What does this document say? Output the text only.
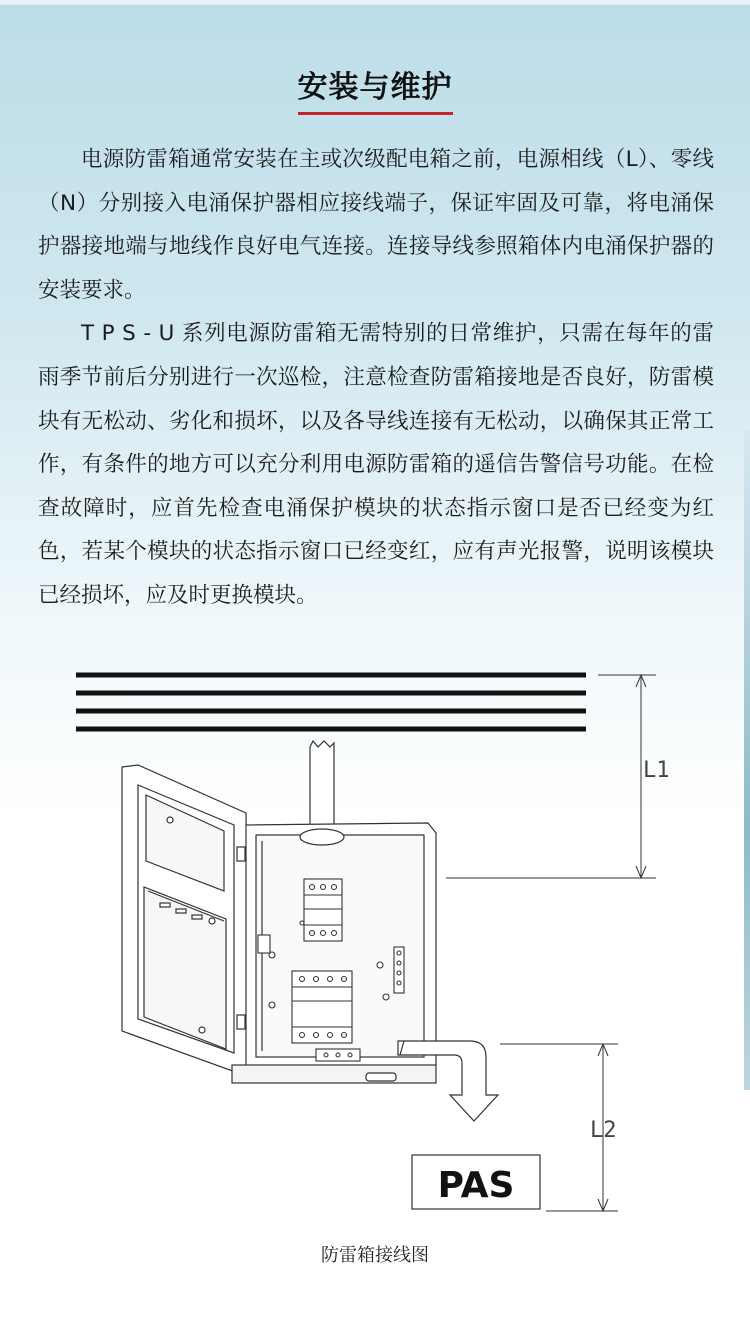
安装与维护

电源防雷箱通常安装在主或次级配电箱之前，电源相线（L）、零线（N）分别接入电涌保护器相应接线端子，保证牢固及可靠，将电涌保护器接地端与地线作良好电气连接。连接导线参照箱体内电涌保护器的安装要求。

T P S - U 系列电源防雷箱无需特别的日常维护，只需在每年的雷雨季节前后分别进行一次巡检，注意检查防雷箱接地是否良好，防雷模块有无松动、劣化和损坏，以及各导线连接有无松动，以确保其正常工作，有条件的地方可以充分利用电源防雷箱的遥信告警信号功能。在检查故障时，应首先检查电涌保护模块的状态指示窗口是否已经变为红色，若某个模块的状态指示窗口已经变红，应有声光报警，说明该模块已经损坏，应及时更换模块。

L1
L2
PAS
防雷箱接线图
